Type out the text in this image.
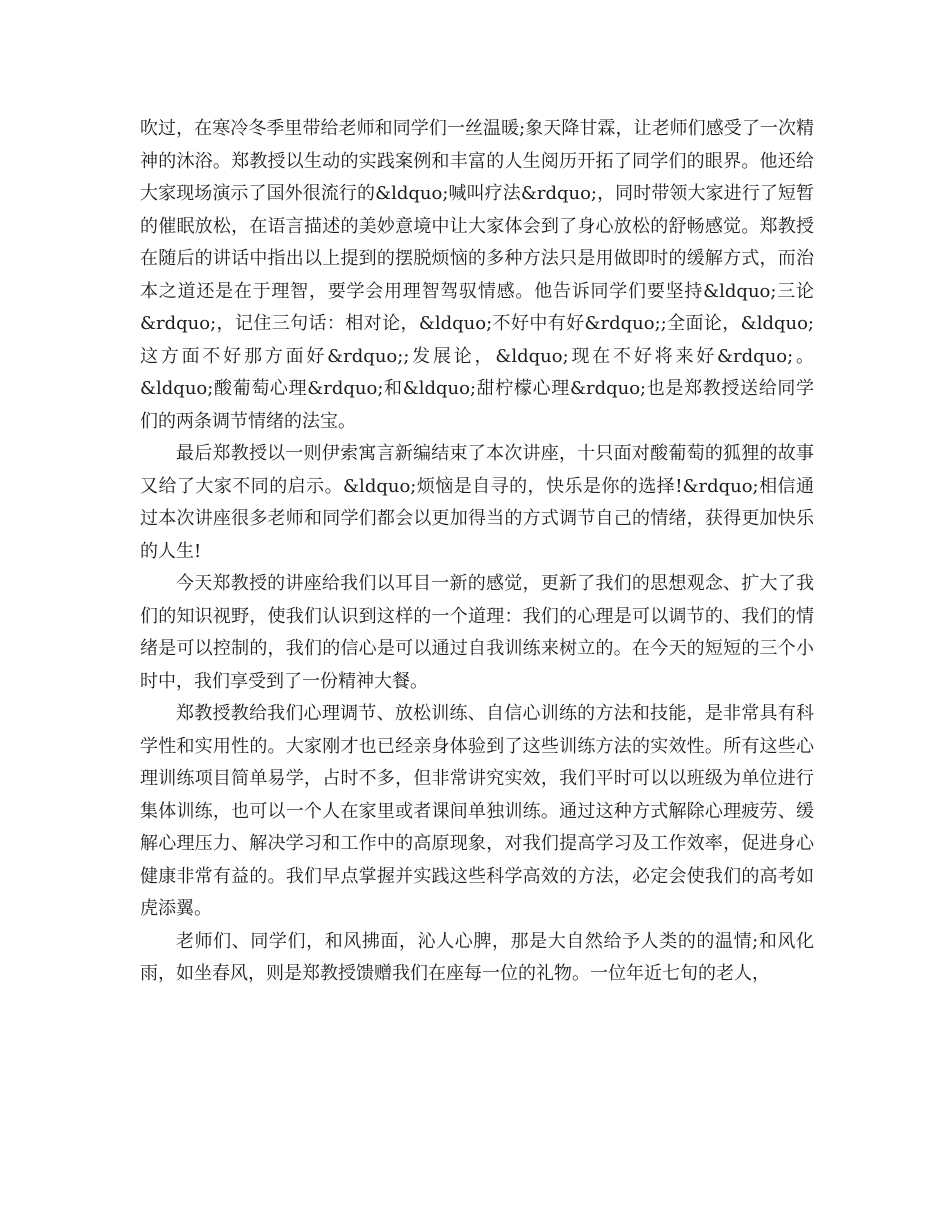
吹过，在寒冷冬季里带给老师和同学们一丝温暖;象天降甘霖，让老师们感受了一次精神的沐浴。郑教授以生动的实践案例和丰富的人生阅历开拓了同学们的眼界。他还给大家现场演示了国外很流行的&ldquo;喊叫疗法&rdquo;，同时带领大家进行了短暂的催眠放松，在语言描述的美妙意境中让大家体会到了身心放松的舒畅感觉。郑教授在随后的讲话中指出以上提到的摆脱烦恼的多种方法只是用做即时的缓解方式，而治本之道还是在于理智，要学会用理智驾驭情感。他告诉同学们要坚持&ldquo;三论&rdquo;，记住三句话：相对论，&ldquo;不好中有好&rdquo;;全面论，&ldquo;这方面不好那方面好&rdquo;;发展论，&ldquo;现在不好将来好&rdquo;。&ldquo;酸葡萄心理&rdquo;和&ldquo;甜柠檬心理&rdquo;也是郑教授送给同学们的两条调节情绪的法宝。

最后郑教授以一则伊索寓言新编结束了本次讲座，十只面对酸葡萄的狐狸的故事又给了大家不同的启示。&ldquo;烦恼是自寻的，快乐是你的选择!&rdquo;相信通过本次讲座很多老师和同学们都会以更加得当的方式调节自己的情绪，获得更加快乐的人生!

今天郑教授的讲座给我们以耳目一新的感觉，更新了我们的思想观念、扩大了我们的知识视野，使我们认识到这样的一个道理：我们的心理是可以调节的、我们的情绪是可以控制的，我们的信心是可以通过自我训练来树立的。在今天的短短的三个小时中，我们享受到了一份精神大餐。

郑教授教给我们心理调节、放松训练、自信心训练的方法和技能，是非常具有科学性和实用性的。大家刚才也已经亲身体验到了这些训练方法的实效性。所有这些心理训练项目简单易学，占时不多，但非常讲究实效，我们平时可以以班级为单位进行集体训练，也可以一个人在家里或者课间单独训练。通过这种方式解除心理疲劳、缓解心理压力、解决学习和工作中的高原现象，对我们提高学习及工作效率，促进身心健康非常有益的。我们早点掌握并实践这些科学高效的方法，必定会使我们的高考如虎添翼。

老师们、同学们，和风拂面，沁人心脾，那是大自然给予人类的的温情;和风化雨，如坐春风，则是郑教授馈赠我们在座每一位的礼物。一位年近七旬的老人，
